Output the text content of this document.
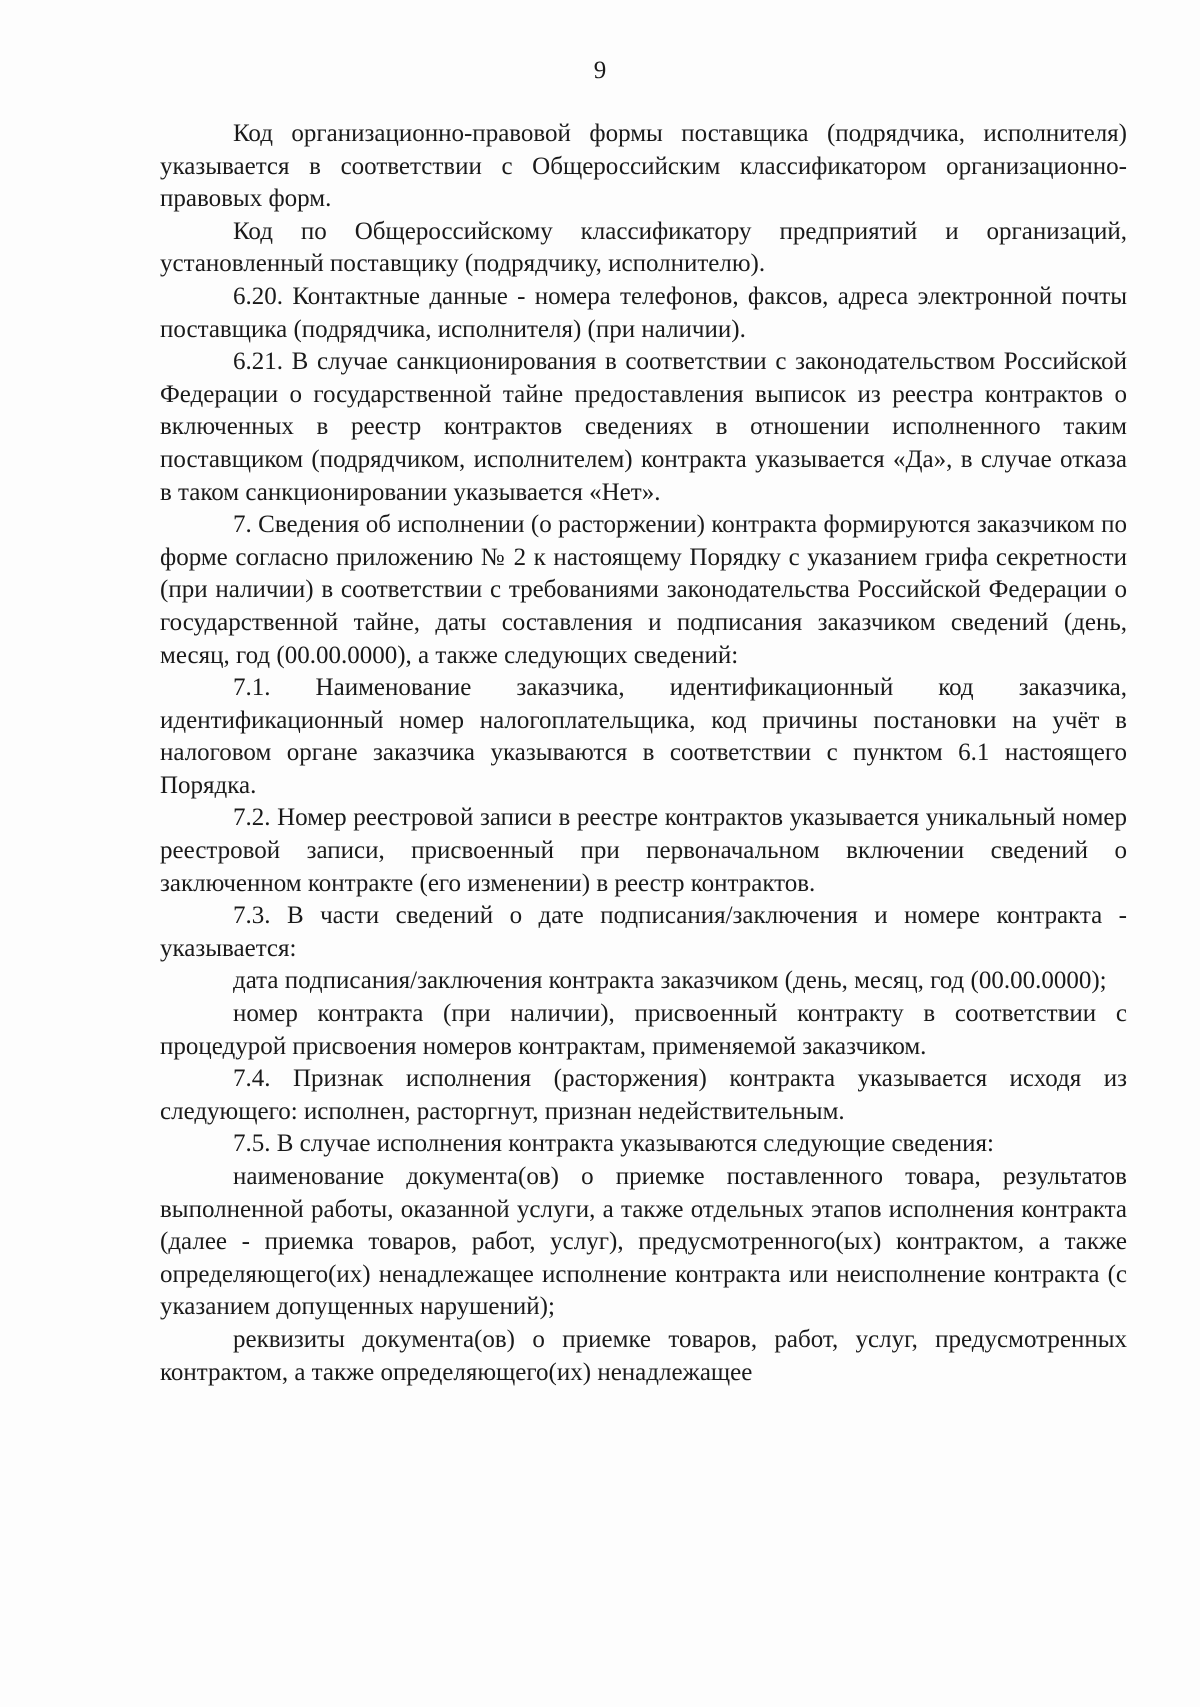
9

Код организационно-правовой формы поставщика (подрядчика, исполнителя) указывается в соответствии с Общероссийским классификатором организационно-правовых форм.

Код по Общероссийскому классификатору предприятий и организаций, установленный поставщику (подрядчику, исполнителю).

6.20. Контактные данные - номера телефонов, факсов, адреса электронной почты поставщика (подрядчика, исполнителя) (при наличии).

6.21. В случае санкционирования в соответствии с законодательством Российской Федерации о государственной тайне предоставления выписок из реестра контрактов о включенных в реестр контрактов сведениях в отношении исполненного таким поставщиком (подрядчиком, исполнителем) контракта указывается «Да», в случае отказа в таком санкционировании указывается «Нет».

7. Сведения об исполнении (о расторжении) контракта формируются заказчиком по форме согласно приложению № 2 к настоящему Порядку с указанием грифа секретности (при наличии) в соответствии с требованиями законодательства Российской Федерации о государственной тайне, даты составления и подписания заказчиком сведений (день, месяц, год (00.00.0000), а также следующих сведений:

7.1. Наименование заказчика, идентификационный код заказчика, идентификационный номер налогоплательщика, код причины постановки на учёт в налоговом органе заказчика указываются в соответствии с пунктом 6.1 настоящего Порядка.

7.2. Номер реестровой записи в реестре контрактов указывается уникальный номер реестровой записи, присвоенный при первоначальном включении сведений о заключенном контракте (его изменении) в реестр контрактов.

7.3. В части сведений о дате подписания/заключения и номере контракта - указывается:

дата подписания/заключения контракта заказчиком (день, месяц, год (00.00.0000);

номер контракта (при наличии), присвоенный контракту в соответствии с процедурой присвоения номеров контрактам, применяемой заказчиком.

7.4. Признак исполнения (расторжения) контракта указывается исходя из следующего: исполнен, расторгнут, признан недействительным.

7.5. В случае исполнения контракта указываются следующие сведения:

наименование документа(ов) о приемке поставленного товара, результатов выполненной работы, оказанной услуги, а также отдельных этапов исполнения контракта (далее - приемка товаров, работ, услуг), предусмотренного(ых) контрактом, а также определяющего(их) ненадлежащее исполнение контракта или неисполнение контракта (с указанием допущенных нарушений);

реквизиты документа(ов) о приемке товаров, работ, услуг, предусмотренных контрактом, а также определяющего(их) ненадлежащее
